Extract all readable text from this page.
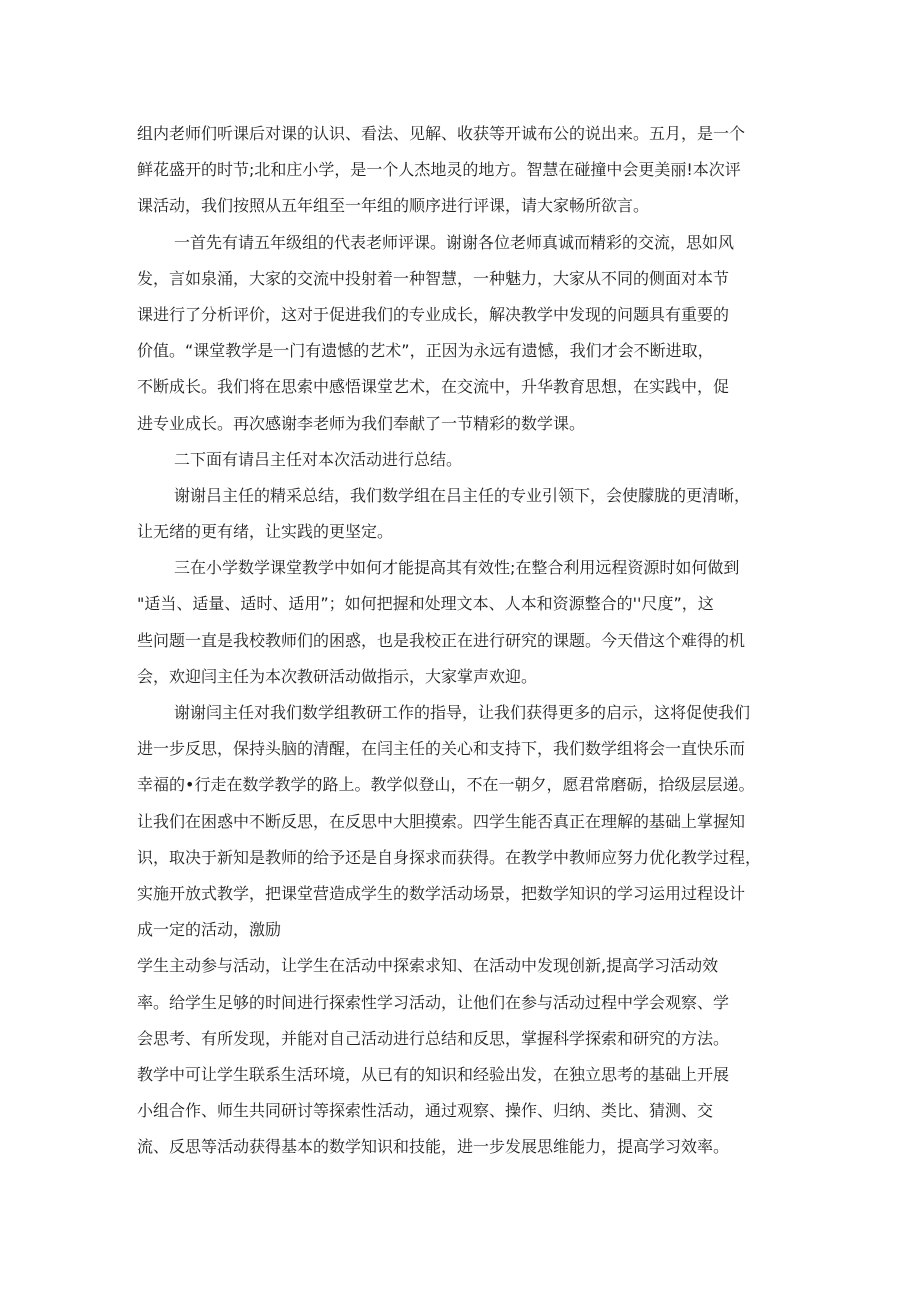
组内老师们听课后对课的认识、看法、见解、收获等开诚布公的说出来。五月，是一个
鲜花盛开的时节;北和庄小学，是一个人杰地灵的地方。智慧在碰撞中会更美丽!本次评
课活动，我们按照从五年组至一年组的顺序进行评课，请大家畅所欲言。
一首先有请五年级组的代表老师评课。谢谢各位老师真诚而精彩的交流，思如风
发，言如泉涌，大家的交流中投射着一种智慧，一种魅力，大家从不同的侧面对本节
课进行了分析评价，这对于促进我们的专业成长，解决教学中发现的问题具有重要的
价值。“课堂教学是一门有遗憾的艺术”，正因为永远有遗憾，我们才会不断进取，
不断成长。我们将在思索中感悟课堂艺术，在交流中，升华教育思想，在实践中，促
进专业成长。再次感谢李老师为我们奉献了一节精彩的数学课。
二下面有请吕主任对本次活动进行总结。
谢谢吕主任的精采总结，我们数学组在吕主任的专业引领下，会使朦胧的更清晰，
让无绪的更有绪，让实践的更坚定。
三在小学数学课堂教学中如何才能提高其有效性;在整合利用远程资源时如何做到
"适当、适量、适时、适用”；如何把握和处理文本、人本和资源整合的''尺度”，这
些问题一直是我校教师们的困惑，也是我校正在进行研究的课题。今天借这个难得的机
会，欢迎闫主任为本次教研活动做指示，大家掌声欢迎。
谢谢闫主任对我们数学组教研工作的指导，让我们获得更多的启示，这将促使我们
进一步反思，保持头脑的清醒，在闫主任的关心和支持下，我们数学组将会一直快乐而
幸福的•行走在数学教学的路上。教学似登山，不在一朝夕，愿君常磨砺，拾级层层递。
让我们在困惑中不断反思，在反思中大胆摸索。四学生能否真正在理解的基础上掌握知
识，取决于新知是教师的给予还是自身探求而获得。在教学中教师应努力优化教学过程，
实施开放式教学，把课堂营造成学生的数学活动场景，把数学知识的学习运用过程设计
成一定的活动，激励
学生主动参与活动，让学生在活动中探索求知、在活动中发现创新,提高学习活动效
率。给学生足够的时间进行探索性学习活动，让他们在参与活动过程中学会观察、学
会思考、有所发现，并能对自己活动进行总结和反思，掌握科学探索和研究的方法。
教学中可让学生联系生活环境，从已有的知识和经验出发，在独立思考的基础上开展
小组合作、师生共同研讨等探索性活动，通过观察、操作、归纳、类比、猜测、交
流、反思等活动获得基本的数学知识和技能，进一步发展思维能力，提高学习效率。
